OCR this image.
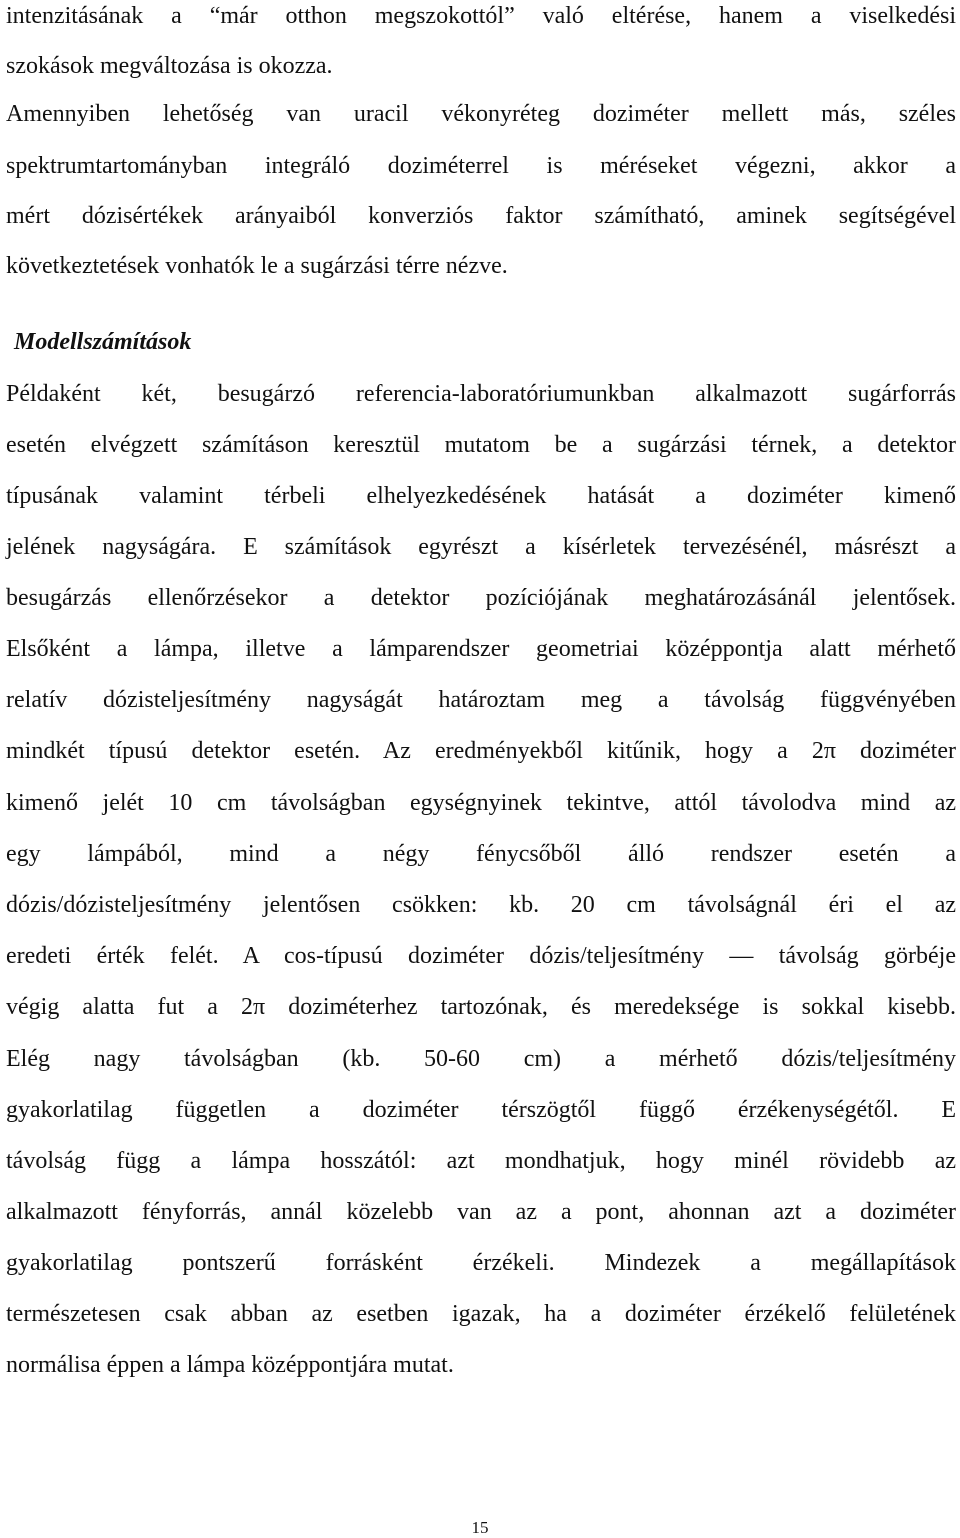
intenzitásának a “már otthon megszokottól” való eltérése, hanem a viselkedési
szokások megváltozása is okozza.
Amennyiben lehetőség van uracil vékonyréteg doziméter mellett más, széles
spektrumtartományban integráló doziméterrel is méréseket végezni, akkor a
mért dózisértékek arányaiból konverziós faktor számítható, aminek segítségével
következtetések vonhatók le a sugárzási térre nézve.
Modellszámítások
Példaként két, besugárzó referencia-laboratóriumunkban alkalmazott sugárforrás
esetén elvégzett számításon keresztül mutatom be a sugárzási térnek, a detektor
típusának valamint térbeli elhelyezkedésének hatását a doziméter kimenő
jelének nagyságára. E számítások egyrészt a kísérletek tervezésénél, másrészt a
besugárzás ellenőrzésekor a detektor pozíciójának meghatározásánál jelentősek.
Elsőként a lámpa, illetve a lámparendszer geometriai középpontja alatt mérhető
relatív dózisteljesítmény nagyságát határoztam meg a távolság függvényében
mindkét típusú detektor esetén. Az eredményekből kitűnik, hogy a 2π doziméter
kimenő jelét 10 cm távolságban egységnyinek tekintve, attól távolodva mind az
egy lámpából, mind a négy fénycsőből álló rendszer esetén a
dózis/dózisteljesítmény jelentősen csökken: kb. 20 cm távolságnál éri el az
eredeti érték felét. A cos-típusú doziméter dózis/teljesítmény — távolság görbéje
végig alatta fut a 2π doziméterhez tartozónak, és meredeksége is sokkal kisebb.
Elég nagy távolságban (kb. 50-60 cm) a mérhető dózis/teljesítmény
gyakorlatilag független a doziméter térszögtől függő érzékenységétől. E
távolság függ a lámpa hosszától: azt mondhatjuk, hogy minél rövidebb az
alkalmazott fényforrás, annál közelebb van az a pont, ahonnan azt a doziméter
gyakorlatilag pontszerű forrásként érzékeli. Mindezek a megállapítások
természetesen csak abban az esetben igazak, ha a doziméter érzékelő felületének
normálisa éppen a lámpa középpontjára mutat.
15
